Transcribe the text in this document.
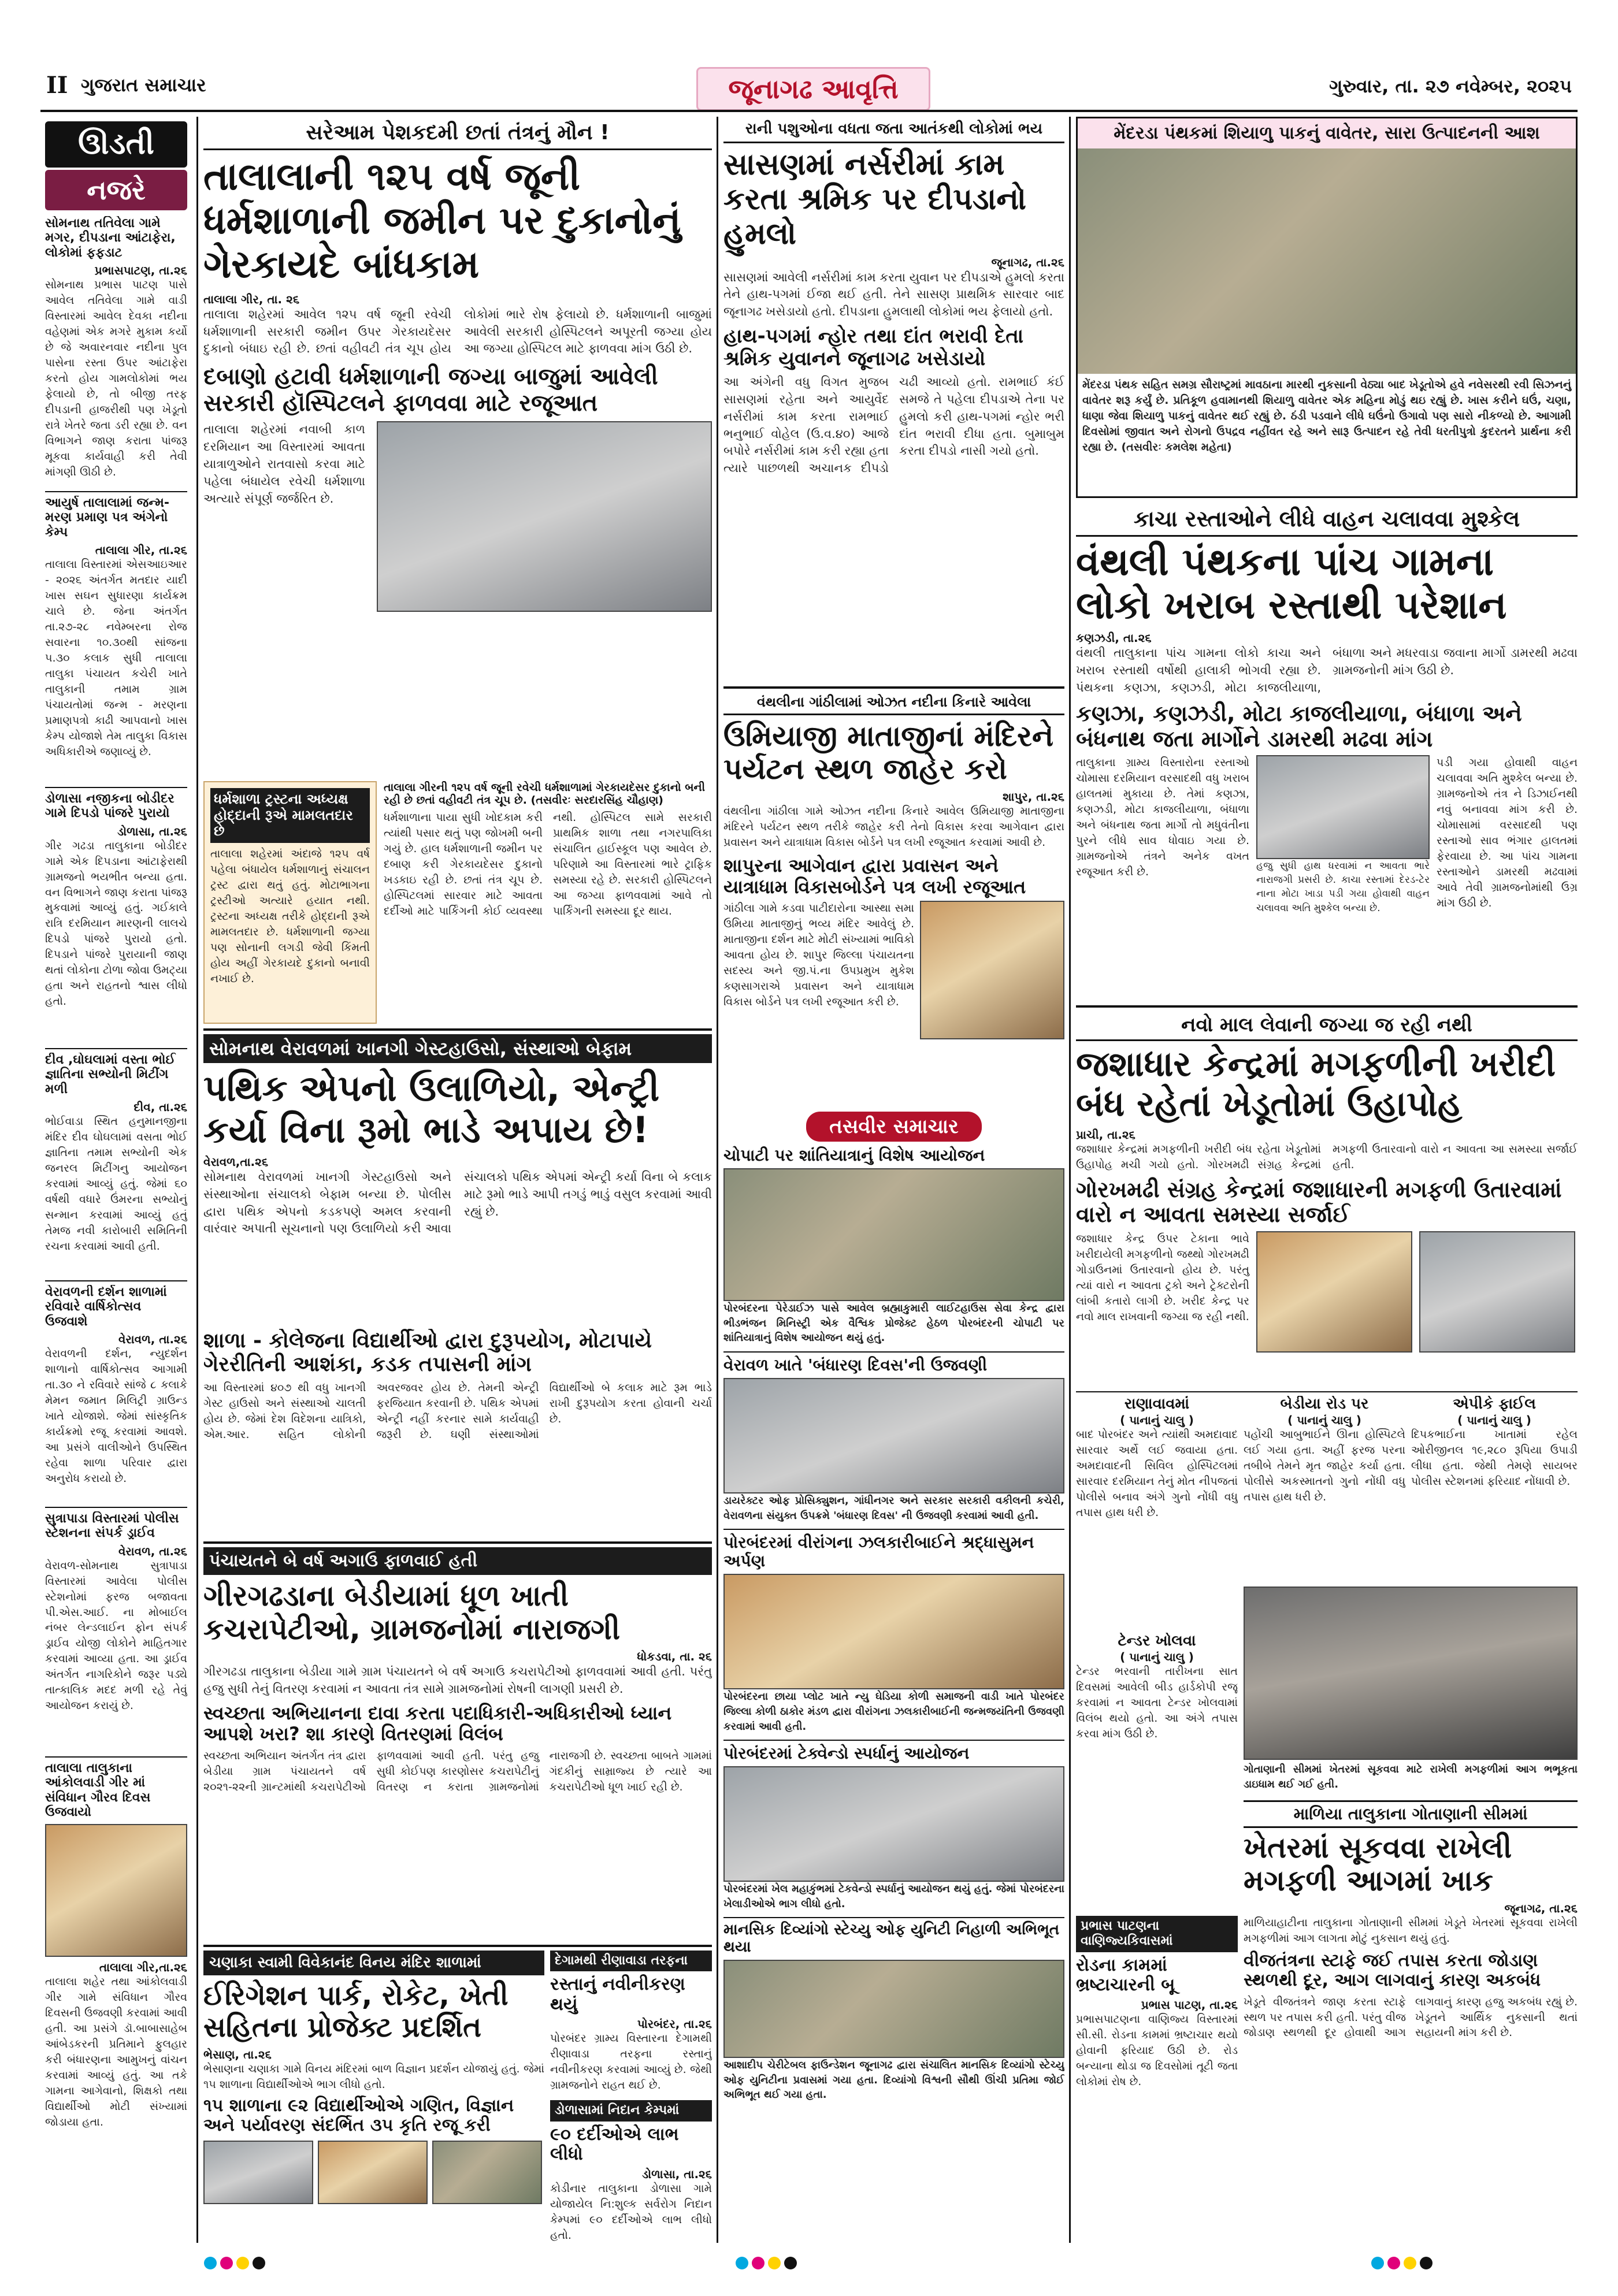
II ગુજરાત સમાચાર	જૂનાગઢ આવૃત્તિ	ગુરુવાર, તા. ૨૭ નવેમ્બર, ૨૦૨૫
ઊડતી
નજરે
સોમનાથ તતિવેલા ગામે મગર, દીપડાના આંટાફેરા, લોકોમાં ફફડાટ
પ્રભાસપાટણ, તા.૨૬
સોમનાથ પ્રભાસ પાટણ પાસે આવેલ તતિવેલા ગામે વાડી વિસ્તારમાં આવેલ દેવકા નદીના વહેણમાં એક મગરે મુકામ કર્યો છે જે અવારનવાર નદીના પુલ પાસેના રસ્તા ઉપર આંટાફેરા કરતો હોય ગામલોકોમાં ભય ફેલાયો છે, તો બીજી તરફ દીપડાની હાજરીથી પણ ખેડૂતો રાત્રે ખેતરે જતા ડરી રહ્યા છે. વન વિભાગને જાણ કરાતા પાંજરૂ મૂકવા કાર્યવાહી કરી તેવી માંગણી ઊઠી છે.
આયુર્ષ તાલાલામાં જન્મ-મરણ પ્રમાણ પત્ર અંગેનો કેમ્પ
તાલાલા ગીર, તા.૨૬
તાલાલા વિસ્તારમાં એસઆઇઆર - ૨૦૨૬ અંતર્ગત મતદાર યાદી ખાસ સઘન સુધારણા કાર્યક્રમ ચાલે છે. જેના અંતર્ગત તા.૨૭-૨૮ નવેમ્બરના રોજ સવારના ૧૦.૩૦થી સાંજના ૫.૩૦ કલાક સુધી તાલાલા તાલુકા પંચાયત કચેરી ખાતે તાલુકાની તમામ ગ્રામ પંચાયતોમાં જન્મ - મરણના પ્રમાણપત્રો કાઢી આપવાનો ખાસ કેમ્પ યોજાશે તેમ તાલુકા વિકાસ અધિકારીએ જણાવ્યું છે.
ડોળાસા નજીકના બોડીદર ગામે દિપડો પાંજરે પુરાયો
ડોળાસા, તા.૨૬
ગીર ગઢડા તાલુકાના બોડીદર ગામે એક દિપડાના આંટાફેરાથી ગ્રામજનો ભયભીત બન્યા હતા. વન વિભાગને જાણ કરાતા પાંજરૂ મુકવામાં આવ્યું હતું. ગઈકાલે રાત્રિ દરમિયાન મારણની લાલચે દિપડો પાંજરે પુરાયો હતો. દિપડાને પાંજરે પુરાયાની જાણ થતાં લોકોના ટોળા જોવા ઉમટ્યા હતા અને રાહતનો શ્વાસ લીધો હતો.
દીવ ,ઘોઘલામાં વસ્તા ભોઈ જ્ઞાતિના સભ્યોની મિટીંગ મળી
દીવ, તા.૨૬
ભોઈવાડા સ્થિત હનુમાનજીના મંદિર દીવ ઘોઘલામાં વસતા ભોઈ જ્ઞાતિના તમામ સભ્યોની એક જનરલ મિટીંગનુ આયોજન કરવામાં આવ્યું હતું. જેમાં ૬૦ વર્ષથી વધારે ઉંમરના સભ્યોનું સન્માન કરવામાં આવ્યું હતું તેમજ નવી કારોબારી સમિતિની રચના કરવામાં આવી હતી.
વેરાવળની દર્શન શાળામાં રવિવારે વાર્ષિકોત્સવ ઉજવાશે
વેરાવળ, તા.૨૬
વેરાવળની દર્શન, ન્યુદર્શન શાળાનો વાર્ષિકોત્સવ આગામી તા.૩૦ ને રવિવારે સાંજે ૮ કલાકે મેમન જમાત મિલિટ્રી ગ્રાઉન્ડ ખાતે યોજાશે. જેમાં સાંસ્કૃતિક કાર્યક્રમો રજૂ કરવામાં આવશે. આ પ્રસંગે વાલીઓને ઉપસ્થિત રહેવા શાળા પરિવાર દ્વારા અનુરોધ કરાયો છે.
સુત્રાપાડા વિસ્તારમાં પોલીસ સ્ટેશનના સંપર્ક ડ્રાઈવ
વેરાવળ, તા.૨૬
વેરાવળ-સોમનાથ સુત્રાપાડા વિસ્તારમાં આવેલા પોલીસ સ્ટેશનોમાં ફરજ બજાવતા પી.એસ.આઈ. ના મોબાઈલ નંબર લેન્ડલાઈન ફોન સંપર્ક ડ્રાઈવ યોજી લોકોને માહિતગાર કરવામાં આવ્યા હતા. આ ડ્રાઈવ અંતર્ગત નાગરિકોને જરૂર પડ્યે તાત્કાલિક મદદ મળી રહે તેવું આયોજન કરાયું છે.
તાલાલા તાલુકાના આંકોલવાડી ગીર માં સંવિધાન ગૌરવ દિવસ ઉજવાયો
તાલાલા ગીર,તા.૨૬
તાલાલા શહેર તથા આંકોલવાડી ગીર ગામે સંવિધાન ગૌરવ દિવસની ઉજવણી કરવામાં આવી હતી. આ પ્રસંગે ડૉ.બાબાસાહેબ આંબેડકરની પ્રતિમાને ફુલહાર કરી બંધારણના આમુખનું વાંચન કરવામાં આવ્યું હતું. આ તકે ગામના આગેવાનો, શિક્ષકો તથા વિદ્યાર્થીઓ મોટી સંખ્યામાં જોડાયા હતા.
સરેઆમ પેશકદમી છતાં તંત્રનું મૌન !
તાલાલાની ૧૨૫ વર્ષ જૂની ધર્મશાળાની જમીન પર દુકાનોનું ગેરકાયદે બાંધકામ
તાલાલા ગીર, તા. ૨૬
તાલાલા શહેરમાં આવેલ ૧૨૫ વર્ષ જૂની રવેચી ધર્મશાળાની સરકારી જમીન ઉપર ગેરકાયદેસર દુકાનો બંધાઇ રહી છે. છતાં વહીવટી તંત્ર ચૂપ હોય લોકોમાં ભારે રોષ ફેલાયો છે. ધર્મશાળાની બાજુમાં આવેલી સરકારી હોસ્પિટલને અપૂરતી જગ્યા હોય આ જગ્યા હોસ્પિટલ માટે ફાળવવા માંગ ઉઠી છે.
દબાણો હટાવી ધર્મશાળાની જગ્યા બાજુમાં આવેલી સરકારી હૉસ્પિટલને ફાળવવા માટે રજૂઆત
તાલાલા શહેરમાં નવાબી કાળ દરમિયાન આ વિસ્તારમાં આવતા યાત્રાળુઓને રાતવાસો કરવા માટે પહેલા બંધાયેલ રવેચી ધર્મશાળા અત્યારે સંપૂર્ણ જર્જરિત છે.
ધર્મશાળા ટ્રસ્ટના અધ્યક્ષ હોદ્દાની રૂએ મામલતદાર છે
તાલાલા શહેરમાં અંદાજે ૧૨૫ વર્ષ પહેલા બંધાયેલ ધર્મશાળાનું સંચાલન ટ્રસ્ટ દ્વારા થતું હતું. મોટાભાગના ટ્રસ્ટીઓ અત્યારે હયાત નથી. ટ્રસ્ટના અધ્યક્ષ તરીકે હોદ્દાની રૂએ મામલતદાર છે. ધર્મશાળાની જગ્યા પણ સોનાની લગડી જેવી કિંમતી હોય અહીં ગેરકાયદે દુકાનો બનાવી નખાઈ છે.
તાલાલા ગીરની ૧૨૫ વર્ષ જૂની રવેચી ધર્મશાળામાં ગેરકાયદેસર દુકાનો બની રહી છે છતાં વહીવટી તંત્ર ચૂપ છે. (તસવીરઃ સરદારસિંહ ચૌહાણ)
ધર્મશાળાના પાયા સુધી ખોદકામ કરી ત્યાંથી પસાર થતું પણ જોખમી બની ગયું છે. હાલ ધર્મશાળાની જમીન પર દબાણ કરી ગેરકાયદેસર દુકાનો ખડકાઇ રહી છે. છતાં તંત્ર ચૂપ છે. હોસ્પિટલમાં સારવાર માટે આવતા દર્દીઓ માટે પાર્કિંગની કોઈ વ્યવસ્થા નથી. હોસ્પિટલ સામે સરકારી પ્રાથમિક શાળા તથા નગરપાલિકા સંચાલિત હાઈસ્કૂલ પણ આવેલ છે. પરિણામે આ વિસ્તારમાં ભારે ટ્રાફિક સમસ્યા રહે છે. સરકારી હોસ્પિટલને આ જગ્યા ફાળવવામાં આવે તો પાર્કિંગની સમસ્યા દૂર થાય.
સોમનાથ વેરાવળમાં ખાનગી ગેસ્ટહાઉસો, સંસ્થાઓ બેફામ
પથિક એપનો ઉલાળિયો, એન્ટ્રી કર્યા વિના રૂમો ભાડે અપાય છે!
વેરાવળ,તા.૨૬
સોમનાથ વેરાવળમાં ખાનગી ગેસ્ટહાઉસો અને સંસ્થાઓના સંચાલકો બેફામ બન્યા છે. પોલીસ દ્વારા પથિક એપનો કડકપણે અમલ કરવાની વારંવાર અપાતી સૂચનાનો પણ ઉલાળિયો કરી આવા સંચાલકો પથિક એપમાં એન્ટ્રી કર્યા વિના બે કલાક માટે રૂમો ભાડે આપી તગડું ભાડું વસુલ કરવામાં આવી રહ્યું છે.
શાળા - કોલેજના વિદ્યાર્થીઓ દ્વારા દુરૂપયોગ, મોટાપાયે ગેરરીતિની આશંકા, કડક તપાસની માંગ
આ વિસ્તારમાં ૪૦૭ થી વધુ ખાનગી ગેસ્ટ હાઉસો અને સંસ્થાઓ ચાલતી હોય છે. જેમાં દેશ વિદેશના યાત્રિકો, એમ.આર. સહિત લોકોની અવરજવર હોય છે. તેમની એન્ટ્રી ફરજિયાત કરવાની છે. પથિક એપમાં એન્ટ્રી નહીં કરનાર સામે કાર્યવાહી જરૂરી છે. ઘણી સંસ્થાઓમાં વિદ્યાર્થીઓ બે કલાક માટે રૂમ ભાડે રાખી દુરૂપયોગ કરતા હોવાની ચર્ચા છે.
પંચાયતને બે વર્ષ અગાઉ ફાળવાઈ હતી
ગીરગઢડાના બેડીયામાં ધૂળ ખાતી કચરાપેટીઓ, ગ્રામજનોમાં નારાજગી
ધોકડવા, તા. ૨૬
ગીરગઢડા તાલુકાના બેડીયા ગામે ગ્રામ પંચાયતને બે વર્ષ અગાઉ કચરાપેટીઓ ફાળવવામાં આવી હતી. પરંતુ હજુ સુધી તેનું વિતરણ કરવામાં ન આવતા તંત્ર સામે ગ્રામજનોમાં રોષની લાગણી પ્રસરી છે.
સ્વચ્છતા અભિયાનના દાવા કરતા પદાધિકારી-અધિકારીઓ ધ્યાન આપશે ખરા? શા કારણે વિતરણમાં વિલંબ
સ્વચ્છતા અભિયાન અંતર્ગત તંત્ર દ્વારા બેડીયા ગ્રામ પંચાયતને વર્ષ ૨૦૨૧-૨૨ની ગ્રાન્ટમાંથી કચરાપેટીઓ ફાળવવામાં આવી હતી. પરંતુ હજુ સુધી કોઈપણ કારણોસર કચરાપેટીનું વિતરણ ન કરાતા ગ્રામજનોમાં નારાજગી છે. સ્વચ્છતા બાબતે ગામમાં ગંદકીનું સામ્રાજ્ય છે ત્યારે આ કચરાપેટીઓ ધૂળ ખાઈ રહી છે.
ચણાકા સ્વામી વિવેકાનંદ વિનય મંદિર શાળામાં
ઈરિગેશન પાર્ક, રોકેટ, ખેતી સહિતના પ્રોજેક્ટ પ્રદર્શિત
ભેસાણ, તા.૨૬
ભેસાણના ચણાકા ગામે વિનય મંદિરમાં બાળ વિજ્ઞાન પ્રદર્શન યોજાયું હતું. જેમાં ૧૫ શાળાના વિદ્યાર્થીઓએ ભાગ લીધો હતો.
૧૫ શાળાના ૯૨ વિદ્યાર્થીઓએ ગણિત, વિજ્ઞાન અને પર્યાવરણ સંદર્ભિત ૩૫ કૃતિ રજૂ કરી
દેગામથી રીણાવાડા તરફના
રસ્તાનું નવીનીકરણ થયું
પોરબંદર, તા.૨૬
પોરબંદર ગ્રામ્ય વિસ્તારના દેગામથી રીણાવાડા તરફના રસ્તાનું નવીનીકરણ કરવામાં આવ્યું છે. જેથી ગ્રામજનોને રાહત થઈ છે.
ડોળાસામાં નિદાન કેમ્પમાં
૯૦ દર્દીઓએ લાભ લીધો
ડોળાસા, તા.૨૬
કોડીનાર તાલુકાના ડોળાસા ગામે યોજાયેલ નિ:શુલ્ક સર્વરોગ નિદાન કેમ્પમાં ૯૦ દર્દીઓએ લાભ લીધો હતો.
રાની પશુઓના વધતા જતા આતંકથી લોકોમાં ભય
સાસણમાં નર્સરીમાં કામ કરતા શ્રમિક પર દીપડાનો હુમલો
જૂનાગઢ, તા.૨૬
સાસણમાં આવેલી નર્સરીમાં કામ કરતા યુવાન પર દીપડાએ હુમલો કરતા તેને હાથ-પગમાં ઈજા થઈ હતી. તેને સાસણ પ્રાથમિક સારવાર બાદ જૂનાગઢ ખસેડાયો હતો. દીપડાના હુમલાથી લોકોમાં ભય ફેલાયો હતો.
હાથ-પગમાં ન્હોર તથા દાંત ભરાવી દેતા શ્રમિક યુવાનને જૂનાગઢ ખસેડાયો
આ અંગેની વધુ વિગત મુજબ સાસણમાં રહેતા અને આયુર્વેદ નર્સરીમાં કામ કરતા રામભાઈ ભનુભાઈ વોહેલ (ઉ.વ.૪૦) આજે બપોરે નર્સરીમાં કામ કરી રહ્યા હતા ત્યારે પાછળથી અચાનક દીપડો ચઢી આવ્યો હતો. રામભાઈ કંઈ સમજે તે પહેલા દીપડાએ તેના પર હુમલો કરી હાથ-પગમાં ન્હોર ભરી દાંત ભરાવી દીધા હતા. બુમાબુમ કરતા દીપડો નાસી ગયો હતો.
વંથલીના ગાંઠીલામાં ઓઝત નદીના કિનારે આવેલા
ઉમિયાજી માતાજીનાં મંદિરને પર્યટન સ્થળ જાહેર કરો
શાપુર, તા.૨૬
વંથલીના ગાંઠીલા ગામે ઓઝત નદીના કિનારે આવેલ ઉમિયાજી માતાજીના મંદિરને પર્યટન સ્થળ તરીકે જાહેર કરી તેનો વિકાસ કરવા આગેવાન દ્વારા પ્રવાસન અને યાત્રાધામ વિકાસ બોર્ડને પત્ર લખી રજૂઆત કરવામાં આવી છે.
શાપુરના આગેવાન દ્વારા પ્રવાસન અને યાત્રાધામ વિકાસબોર્ડને પત્ર લખી રજૂઆત
ગાંઠીલા ગામે કડવા પાટીદારોના આસ્થા સમા ઉમિયા માતાજીનું ભવ્ય મંદિર આવેલું છે. માતાજીના દર્શન માટે મોટી સંખ્યામાં ભાવિકો આવતા હોય છે. શાપુર જિલ્લા પંચાયતના સદસ્ય અને જી.પં.ના ઉપપ્રમુખ મુકેશ કણસાગરાએ પ્રવાસન અને યાત્રાધામ વિકાસ બોર્ડને પત્ર લખી રજૂઆત કરી છે.
તસવીર સમાચાર
ચોપાટી પર શાંતિયાત્રાનું વિશેષ આયોજન
પોરબંદરના પેરેડાઈઝ પાસે આવેલ બ્રહ્માકુમારી લાઈટહાઉસ સેવા કેન્દ્ર દ્વારા ભીડભંજન મિનિસ્ટ્રી એક વૈશ્વિક પ્રોજેક્ટ હેઠળ પોરબંદરની ચોપાટી પર શાંતિયાત્રાનું વિશેષ આયોજન થયું હતું.
વેરાવળ ખાતે 'બંધારણ દિવસ'ની ઉજવણી
ડાયરેક્ટર ઓફ પ્રોસિક્યુશન, ગાંધીનગર અને સરકાર સરકારી વકીલની કચેરી, વેરાવળના સંયુક્ત ઉપક્રમે 'બંધારણ દિવસ' ની ઉજવણી કરવામાં આવી હતી.
પોરબંદરમાં વીરાંગના ઝલકારીબાઈને શ્રદ્ધાસુમન અર્પણ
પોરબંદરના છાયા પ્લોટ ખાતે ન્યુ ઘેડિયા કોળી સમાજની વાડી ખાતે પોરબંદર જિલ્લા કોળી ઠાકોર મંડળ દ્વારા વીરાંગના ઝલકારીબાઈની જન્મજયંતિની ઉજવણી કરવામાં આવી હતી.
પોરબંદરમાં ટેક્વેન્ડો સ્પર્ધાનું આયોજન
પોરબંદરમાં ખેલ મહાકુંભમાં ટેકવેન્ડો સ્પર્ધાનું આયોજન થયું હતું. જેમાં પોરબંદરના ખેલાડીઓએ ભાગ લીધો હતો.
માનસિક દિવ્યાંગો સ્ટેચ્યુ ઓફ યુનિટી નિહાળી અભિભૂત થયા
આશાદીપ ચેરીટેબલ ફાઉન્ડેશન જૂનાગઢ દ્વારા સંચાલિત માનસિક દિવ્યાંગો સ્ટેચ્યુ ઓફ યુનિટીના પ્રવાસમાં ગયા હતા. દિવ્યાંગો વિશ્વની સૌથી ઊંચી પ્રતિમા જોઈ અભિભૂત થઈ ગયા હતા.
મેંદરડા પંથકમાં શિયાળુ પાકનું વાવેતર, સારા ઉત્પાદનની આશ
મેંદરડા પંથક સહિત સમગ્ર સૌરાષ્ટ્રમાં માવઠાના મારથી નુકસાની વેઠ્યા બાદ ખેડૂતોએ હવે નવેસરથી રવી સિઝનનું વાવેતર શરૂ કર્યું છે. પ્રતિકૂળ હવામાનથી શિયાળુ વાવેતર એક મહિના મોડું થઇ રહ્યું છે. ખાસ કરીને ઘઉં, ચણા, ધાણા જેવા શિયાળુ પાકનું વાવેતર થઈ રહ્યું છે. ઠંડી પડવાને લીધે ઘઉંનો ઉગાવો પણ સારો નીકળ્યો છે. આગામી દિવસોમાં જીવાત અને રોગનો ઉપદ્રવ નહીંવત રહે અને સારૂ ઉત્પાદન રહે તેવી ધરતીપુત્રો કુદરતને પ્રાર્થના કરી રહ્યા છે. (તસવીરઃ કમલેશ મહેતા)
કાચા રસ્તાઓને લીધે વાહન ચલાવવા મુશ્કેલ
વંથલી પંથકના પાંચ ગામના લોકો ખરાબ રસ્તાથી પરેશાન
કણઝડી, તા.૨૬
વંથલી તાલુકાના પાંચ ગામના લોકો કાચા અને ખરાબ રસ્તાથી વર્ષોથી હાલાકી ભોગવી રહ્યા છે. પંથકના કણઝા, કણઝડી, મોટા કાજલીયાળા, બંધાળા અને મધરવાડા જવાના માર્ગો ડામરથી મઢવા ગ્રામજનોની માંગ ઉઠી છે.
કણઝા, કણઝડી, મોટા કાજલીયાળા, બંધાળા અને બંધનાથ જતા માર્ગોને ડામરથી મઢવા માંગ
તાલુકાના ગ્રામ્ય વિસ્તારોના રસ્તાઓ ચોમાસા દરમિયાન વરસાદથી વધુ ખરાબ હાલતમાં મુકાયા છે. તેમાં કણઝા, કણઝડી, મોટા કાજલીયાળા, બંધાળા અને બંધનાથ જતા માર્ગો તો મધુવંતીના પુરને લીધે સાવ ધોવાઇ ગયા છે. ગ્રામજનોએ તંત્રને અનેક વખત રજૂઆત કરી છે.	હજુ સુધી હાથ ધરવામાં ન આવતા ભારે નારાજગી પ્રસરી છે. કાચા રસ્તામાં દેરડ-ટેર નાના મોટા ખાડા પડી ગયા હોવાથી વાહન ચલાવવા અતિ મુશ્કેલ બન્યા છે.
પડી ગયા હોવાથી વાહન ચલાવવા અતિ મુશ્કેલ બન્યા છે. ગ્રામજનોએ તંત્ર ને ડિઝાઈનથી નવું બનાવવા માંગ કરી છે. ચોમાસામાં વરસાદથી પણ રસ્તાઓ સાવ ભંગાર હાલતમાં ફેરવાયા છે. આ પાંચ ગામના રસ્તાઓને ડામરથી મઢવામાં આવે તેવી ગ્રામજનોમાંથી ઉગ્ર માંગ ઉઠી છે.
નવો માલ લેવાની જગ્યા જ રહી નથી
જશાધાર કેન્દ્રમાં મગફળીની ખરીદી બંધ રહેતાં ખેડૂતોમાં ઉહાપોહ
પ્રાચી, તા.૨૬
જશાધાર કેન્દ્રમાં મગફળીની ખરીદી બંધ રહેતા ખેડૂતોમાં ઉહાપોહ મચી ગયો હતો. ગોરખમઢી સંગ્રહ કેન્દ્રમાં મગફળી ઉતારવાનો વારો ન આવતા આ સમસ્યા સર્જાઈ હતી.
ગોરખમઢી સંગ્રહ કેન્દ્રમાં જશાધારની મગફળી ઉતારવામાં વારો ન આવતા સમસ્યા સર્જાઈ
જશાધાર કેન્દ્ર ઉપર ટેકાના ભાવે ખરીદાયેલી મગફળીનો જથ્થો ગોરખમઢી ગોડાઉનમાં ઉતારવાનો હોય છે. પરંતુ ત્યાં વારો ન આવતા ટ્રકો અને ટ્રેક્ટરોની લાંબી કતારો લાગી છે. ખરીદ કેન્દ્ર પર નવો માલ રાખવાની જગ્યા જ રહી નથી.
રાણાવાવમાં
( પાનાનું ચાલુ )
બાદ પોરબંદર અને ત્યાંથી અમદાવાદ સારવાર અર્થે લઈ જવાયા હતા. અમદાવાદની સિવિલ હોસ્પિટલમાં સારવાર દરમિયાન તેનું મોત નીપજતાં પોલીસે બનાવ અંગે ગુનો નોંધી વધુ તપાસ હાથ ધરી છે.
બેડીયા રોડ પર
( પાનાનું ચાલુ )
પહોંચી આબુભાઈને ઊના હોસ્પિટલે લઈ ગયા હતા. અહીં ફરજ પરના તબીબે તેમને મૃત જાહેર કર્યા હતા. પોલીસે અકસ્માતનો ગુનો નોંધી વધુ તપાસ હાથ ધરી છે.
એપીકે ફાઈલ
( પાનાનું ચાલુ )
દિપકભાઈના ખાતામાં રહેલ ઓરીજીનલ ૧૯,૨૮૦ રૂપિયા ઉપાડી લીધા હતા. જેથી તેમણે સાયબર પોલીસ સ્ટેશનમાં ફરિયાદ નોંધાવી છે.
ટેન્ડર ખોલવા
( પાનાનું ચાલુ )
ટેન્ડર ભરવાની તારીખના સાત દિવસમાં આવેલી બીડ હાર્ડકોપી રજૂ કરવામાં ન આવતા ટેન્ડર ખોલવામાં વિલંબ થયો હતો. આ અંગે તપાસ કરવા માંગ ઉઠી છે.
ગોતાણાની સીમમાં ખેતરમાં સૂકવવા માટે રાખેલી મગફળીમાં આગ ભભૂકતા ડાઇધામ થઈ ગઈ હતી.
માળિયા તાલુકાના ગોતાણાની સીમમાં
ખેતરમાં સૂકવવા રાખેલી મગફળી આગમાં ખાક
જૂનાગઢ, તા.૨૬
માળિયાહાટીના તાલુકાના ગોતાણાની સીમમાં ખેડૂતે ખેતરમાં સૂકવવા રાખેલી મગફળીમાં આગ લાગતા મોટું નુકસાન થયું હતું.
વીજતંત્રના સ્ટાફે જઈ તપાસ કરતા જોડાણ સ્થળથી દૂર, આગ લાગવાનું કારણ અકબંધ
ખેડૂતે વીજતંત્રને જાણ કરતા સ્ટાફે સ્થળ પર તપાસ કરી હતી. પરંતુ વીજ જોડાણ સ્થળથી દૂર હોવાથી આગ લાગવાનું કારણ હજુ અકબંધ રહ્યું છે. ખેડૂતને આર્થિક નુકસાની થતાં સહાયની માંગ કરી છે.
પ્રભાસ પાટણના વાણિજ્યકિવાસમાં
રોડના કામમાં ભ્રષ્ટાચારની બૂ
પ્રભાસ પાટણ, તા.૨૬
પ્રભાસપાટણના વાણિજ્ય વિસ્તારમાં સી.સી. રોડના કામમાં ભ્રષ્ટાચાર થયો હોવાની ફરિયાદ ઉઠી છે. રોડ બન્યાના થોડા જ દિવસોમાં તૂટી જતા લોકોમાં રોષ છે.
